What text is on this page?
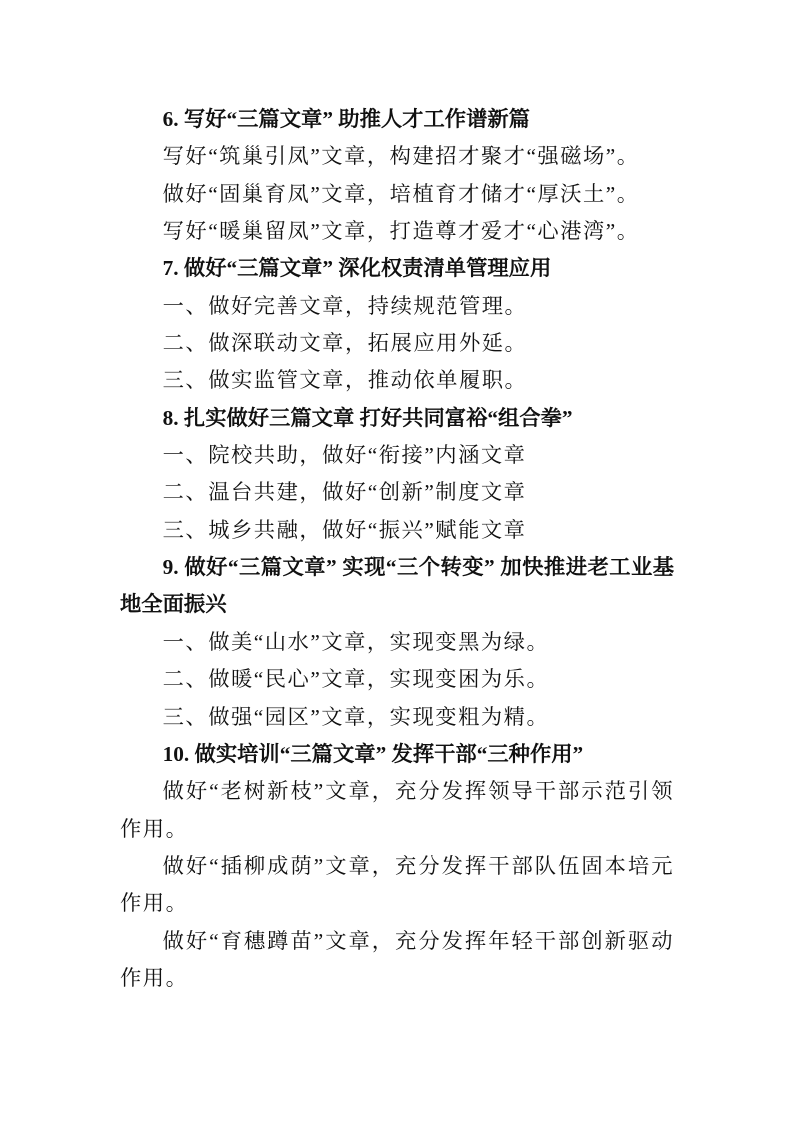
6. 写好“三篇文章” 助推人才工作谱新篇

写好“筑巢引凤”文章，构建招才聚才“强磁场”。

做好“固巢育凤”文章，培植育才储才“厚沃土”。

写好“暖巢留凤”文章，打造尊才爱才“心港湾”。

7. 做好“三篇文章” 深化权责清单管理应用

一、做好完善文章，持续规范管理。

二、做深联动文章，拓展应用外延。

三、做实监管文章，推动依单履职。

8. 扎实做好三篇文章 打好共同富裕“组合拳”

一、院校共助，做好“衔接”内涵文章

二、温台共建，做好“创新”制度文章

三、城乡共融，做好“振兴”赋能文章

9. 做好“三篇文章” 实现“三个转变” 加快推进老工业基地全面振兴

一、做美“山水”文章，实现变黑为绿。

二、做暖“民心”文章，实现变困为乐。

三、做强“园区”文章，实现变粗为精。

10. 做实培训“三篇文章” 发挥干部“三种作用”

做好“老树新枝”文章，充分发挥领导干部示范引领作用。

做好“插柳成荫”文章，充分发挥干部队伍固本培元作用。

做好“育穗蹲苗”文章，充分发挥年轻干部创新驱动作用。
